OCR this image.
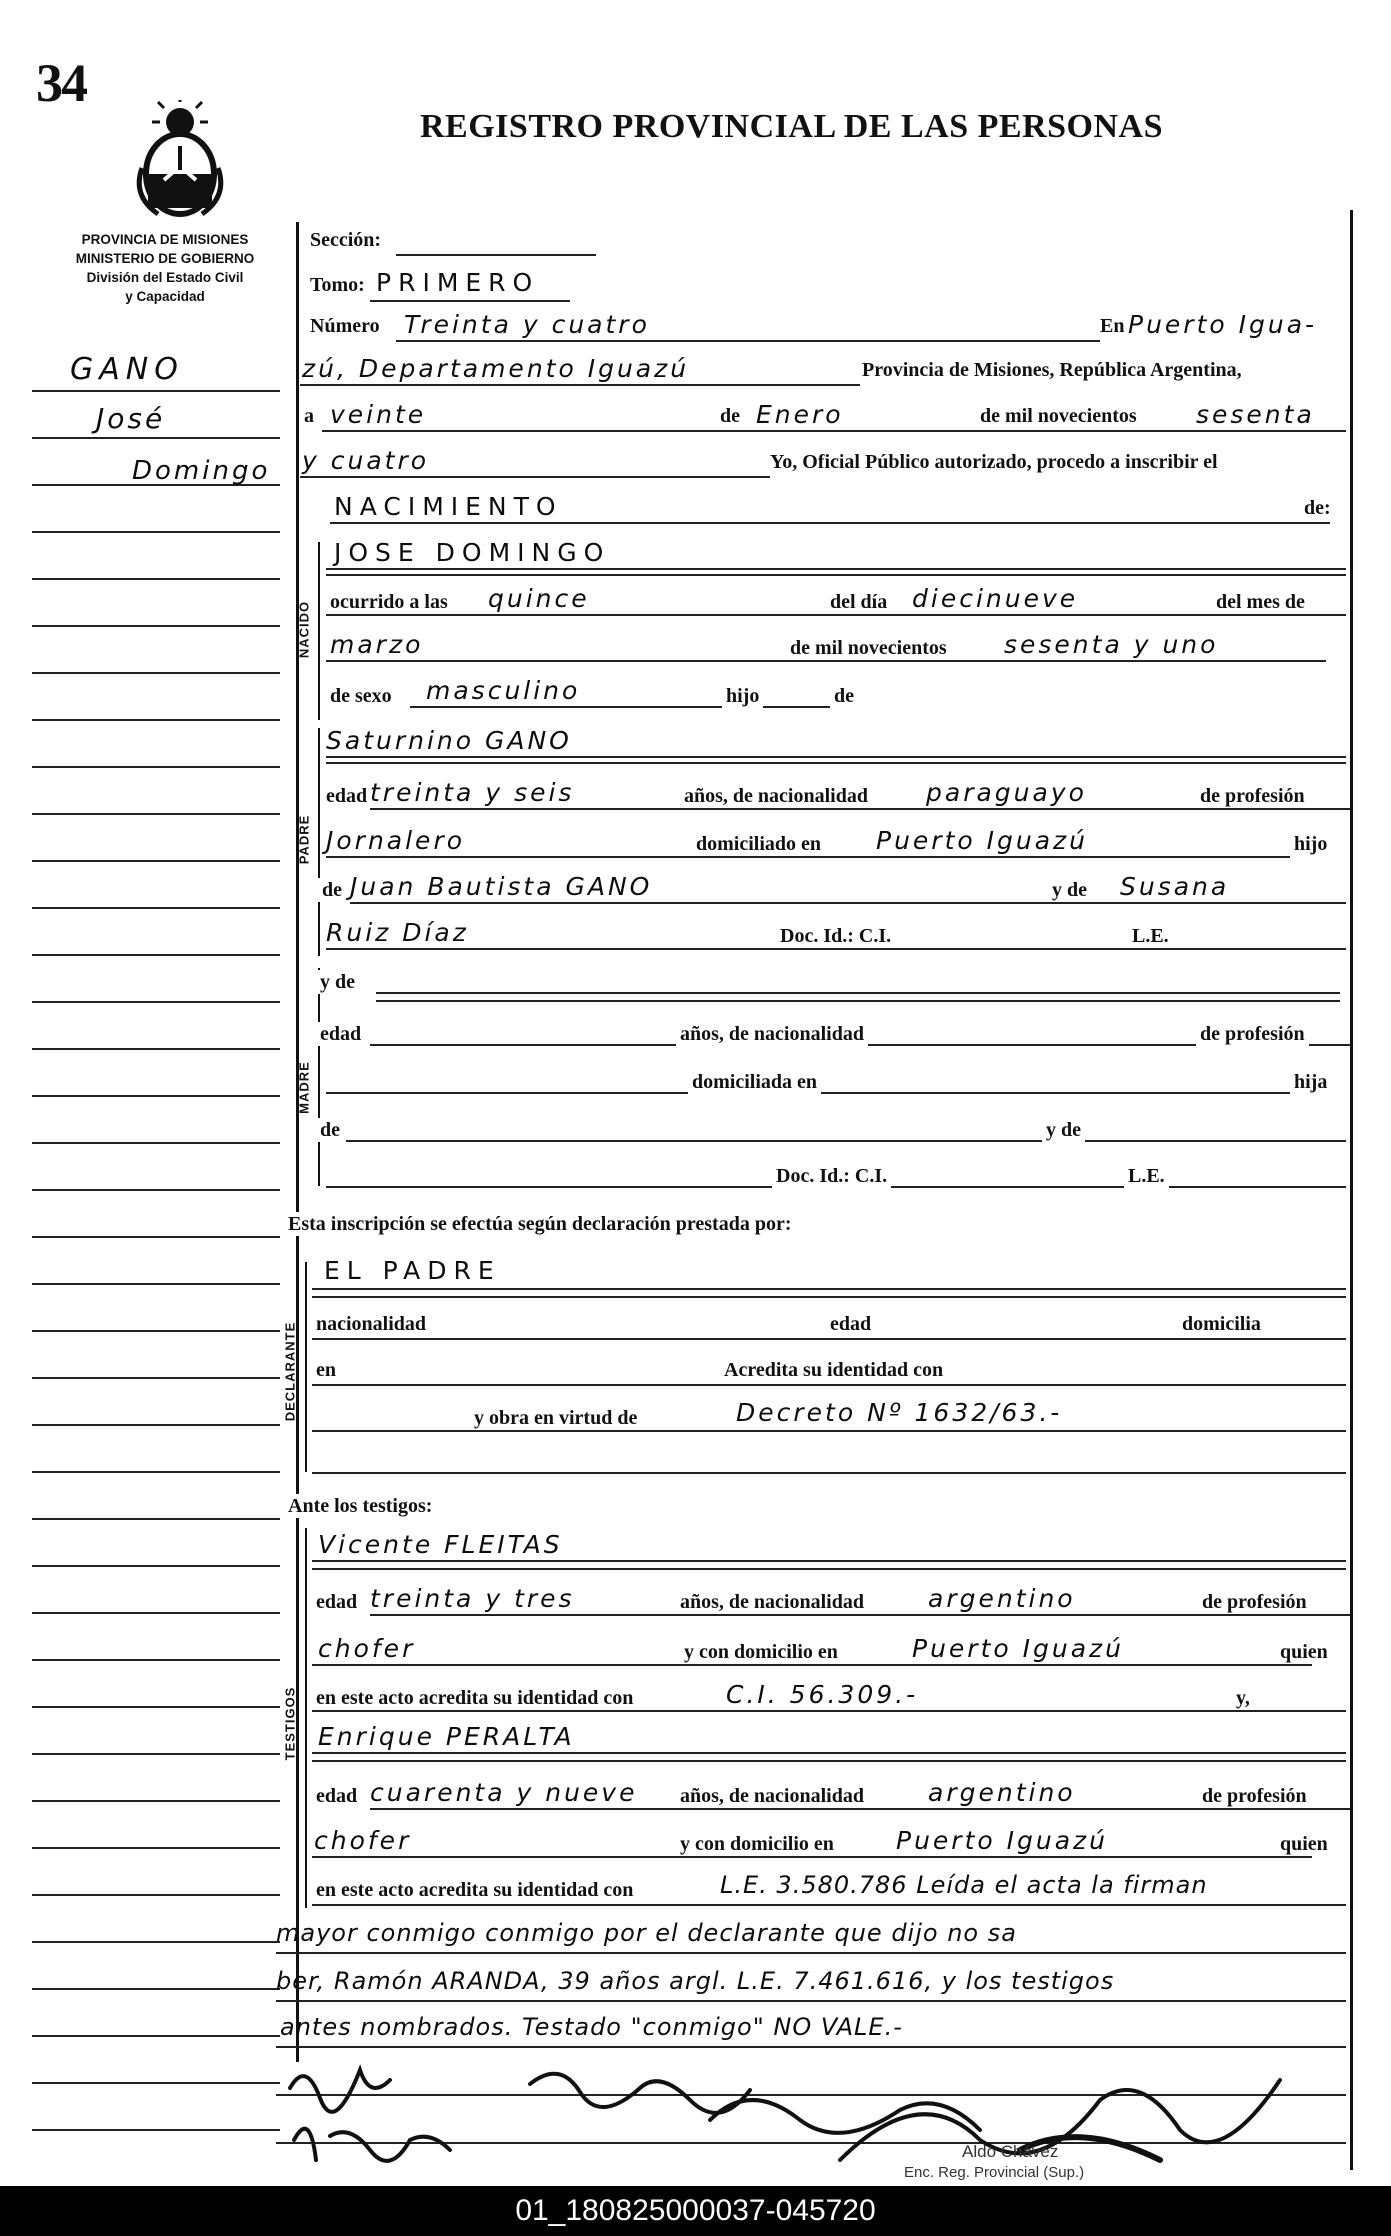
34
REGISTRO PROVINCIAL DE LAS PERSONAS
PROVINCIA DE MISIONES
MINISTERIO DE GOBIERNO
División del Estado Civil
y Capacidad
GANO
José
Domingo
NACIDO
PADRE
MADRE
DECLARANTE
TESTIGOS
Sección:
Tomo: PRIMERO
Número Treinta y cuatro	En Puerto Igua-
zú, Departamento Iguazú	Provincia de Misiones, República Argentina,
a veinte	de Enero	de mil novecientos sesenta
y cuatro	Yo, Oficial Público autorizado, procedo a inscribir el
NACIMIENTO	de:
JOSE DOMINGO
ocurrido a las quince	del día diecinueve	del mes de
marzo	de mil novecientos sesenta y uno
de sexo masculino	hijo	de
Saturnino GANO
edad treinta y seis	años, de nacionalidad paraguayo	de profesión
Jornalero	domiciliado en Puerto Iguazú	hijo
de Juan Bautista GANO	y de Susana
Ruiz Díaz	Doc. Id.: C.I.	L.E.
y de
edad	años, de nacionalidad	de profesión
domiciliada en	hija
de	y de
Doc. Id.: C.I.	L.E.
Esta inscripción se efectúa según declaración prestada por:
EL PADRE
nacionalidad	edad	domicilia
en	Acredita su identidad con
y obra en virtud de	Decreto Nº 1632/63.-
Ante los testigos:
Vicente FLEITAS
edad treinta y tres	años, de nacionalidad	argentino	de profesión
chofer	y con domicilio en	Puerto Iguazú	quien
en este acto acredita su identidad con	C.I. 56.309.-	y,
Enrique PERALTA
edad cuarenta y nueve años, de nacionalidad	argentino	de profesión
chofer	y con domicilio en Puerto Iguazú	quien
en este acto acredita su identidad con	L.E. 3.580.786 Leída el acta la firman
mayor conmigo conmigo por el declarante que dijo no sa
ber, Ramón ARANDA, 39 años argl. L.E. 7.461.616, y los testigos
antes nombrados. Testado "conmigo" NO VALE.-
Aldo Chávez
Enc. Reg. Provincial (Sup.)
01_180825000037-045720
